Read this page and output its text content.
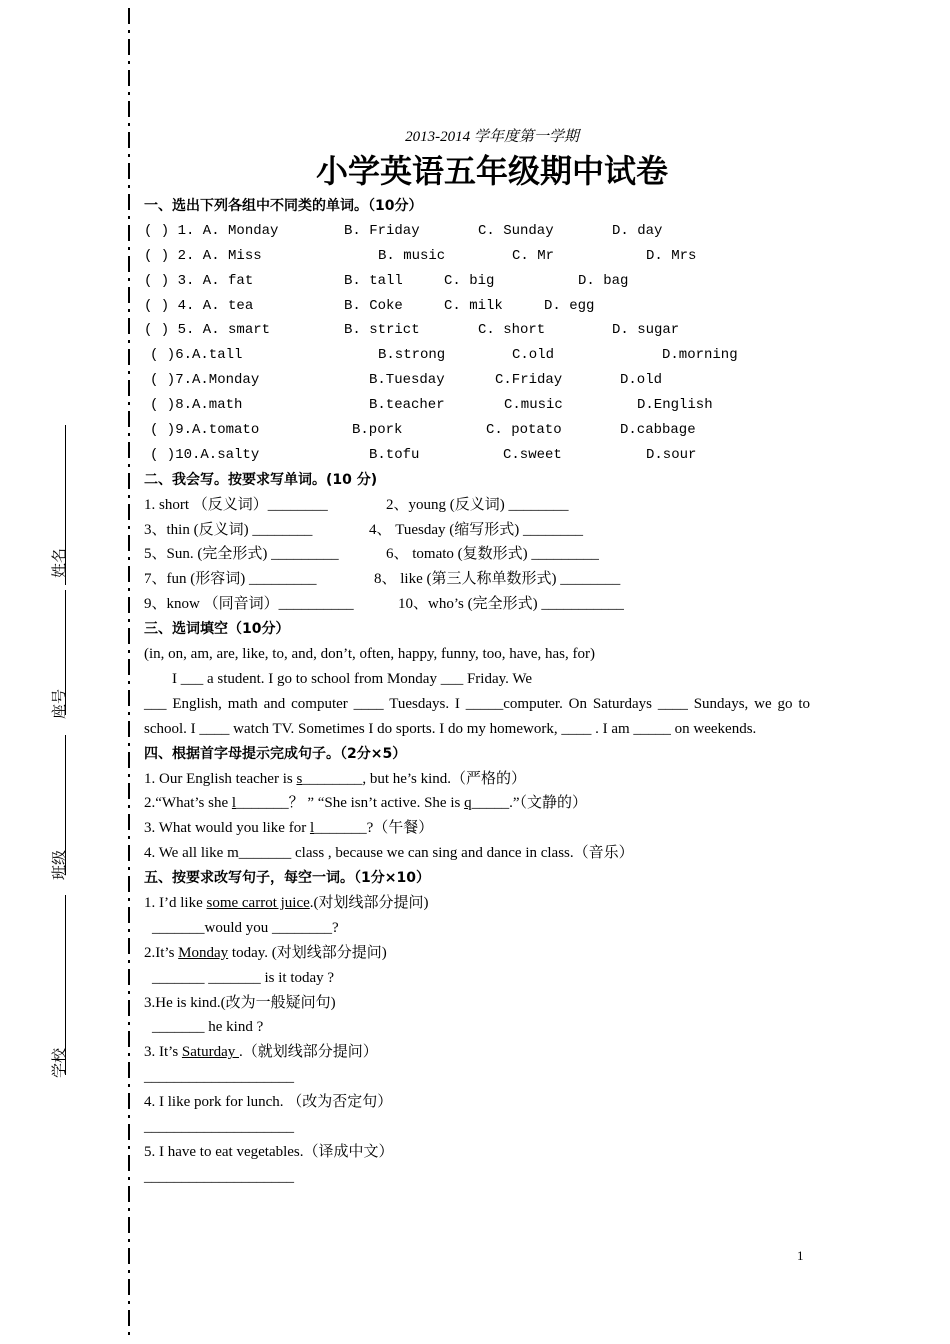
姓名
座号
班级
学校
2013-2014 学年度第一学期
小学英语五年级期中试卷
一、选出下列各组中不同类的单词。（10分）
( ) 1. A. Monday	B. Friday	C. Sunday	D. day
( ) 2. A. Miss	B. music	C. Mr	D. Mrs
( ) 3. A. fat	B. tall	C. big	D. bag
( ) 4. A. tea	B. Coke	C. milk	D. egg
( ) 5. A. smart	B. strict	C. short	D. sugar
( )6.A.tall	B.strong	C.old	D.morning
( )7.A.Monday	B.Tuesday	C.Friday	D.old
( )8.A.math	B.teacher	C.music	D.English
( )9.A.tomato	B.pork	C. potato	D.cabbage
( )10.A.salty	B.tofu	C.sweet	D.sour
二、我会写。按要求写单词。(10 分)
1. short （反义词）________	2、young (反义词) ________
3、thin (反义词) ________	4、 Tuesday (缩写形式) ________
5、Sun. (完全形式) _________	6、 tomato (复数形式) _________
7、fun (形容词) _________	8、 like (第三人称单数形式) ________
9、know （同音词）__________	10、who’s (完全形式) ___________
三、选词填空（10分）
(in, on, am, are, like, to, and, don’t, often, happy, funny, too, have, has, for)
I ___ a student. I go to school from Monday ___ Friday. We
___ English, math and computer ____ Tuesdays. I _____computer. On Saturdays ____ Sundays, we go to school. I ____ watch TV. Sometimes I do sports. I do my homework, ____ . I am _____ on weekends.
四、根据首字母提示完成句子。（2分×5）
1. Our English teacher is s________, but he’s kind.（严格的）
2.“What’s she l_______？ ” “She isn’t active. She is q_____.”（文静的）
3. What would you like for l_______?（午餐）
4. We all like m_______ class , because we can sing and dance in class.（音乐）
五、按要求改写句子，每空一词。（1分×10）
1. I’d like some carrot juice.(对划线部分提问)
_______would you ________?
2.It’s Monday today. (对划线部分提问)
_______ _______ is it today ?
3.He is kind.(改为一般疑问句)
_______ he kind ?
3. It’s Saturday .（就划线部分提问）
____________________
4. I like pork for lunch. （改为否定句）
____________________
5. I have to eat vegetables.（译成中文）
____________________
1
